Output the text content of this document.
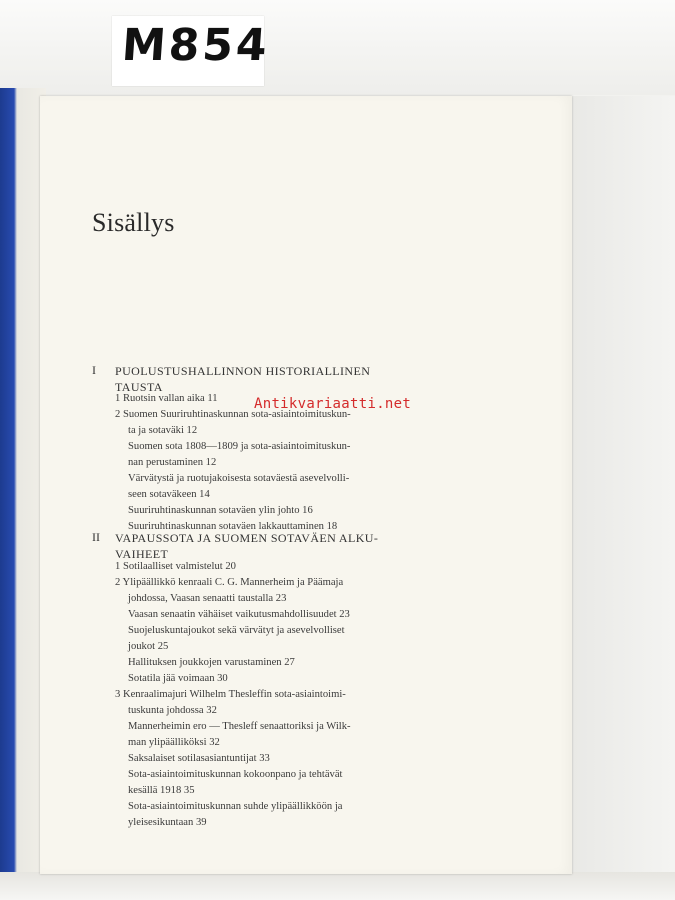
M854
Sisällys
I PUOLUSTUSHALLINNON HISTORIALLINEN
TAUSTA
1 Ruotsin vallan aika 11
2 Suomen Suuriruhtinaskunnan sota-asiaintoimituskun-
ta ja sotaväki 12
Suomen sota 1808—1809 ja sota-asiaintoimituskun-
nan perustaminen 12
Värvätystä ja ruotujakoisesta sotaväestä asevelvolli-
seen sotaväkeen 14
Suuriruhtinaskunnan sotaväen ylin johto 16
Suuriruhtinaskunnan sotaväen lakkauttaminen 18
II VAPAUSSOTA JA SUOMEN SOTAVÄEN ALKU-
VAIHEET
1 Sotilaalliset valmistelut 20
2 Ylipäällikkö kenraali C. G. Mannerheim ja Päämaja
johdossa, Vaasan senaatti taustalla 23
Vaasan senaatin vähäiset vaikutusmahdollisuudet 23
Suojeluskuntajoukot sekä värvätyt ja asevelvolliset
joukot 25
Hallituksen joukkojen varustaminen 27
Sotatila jää voimaan 30
3 Kenraalimajuri Wilhelm Thesleffin sota-asiaintoimi-
tuskunta johdossa 32
Mannerheimin ero — Thesleff senaattoriksi ja Wilk-
man ylipäälliköksi 32
Saksalaiset sotilasasiantuntijat 33
Sota-asiaintoimituskunnan kokoonpano ja tehtävät
kesällä 1918 35
Sota-asiaintoimituskunnan suhde ylipäällikköön ja
yleisesikuntaan 39
Antikvariaatti.net
